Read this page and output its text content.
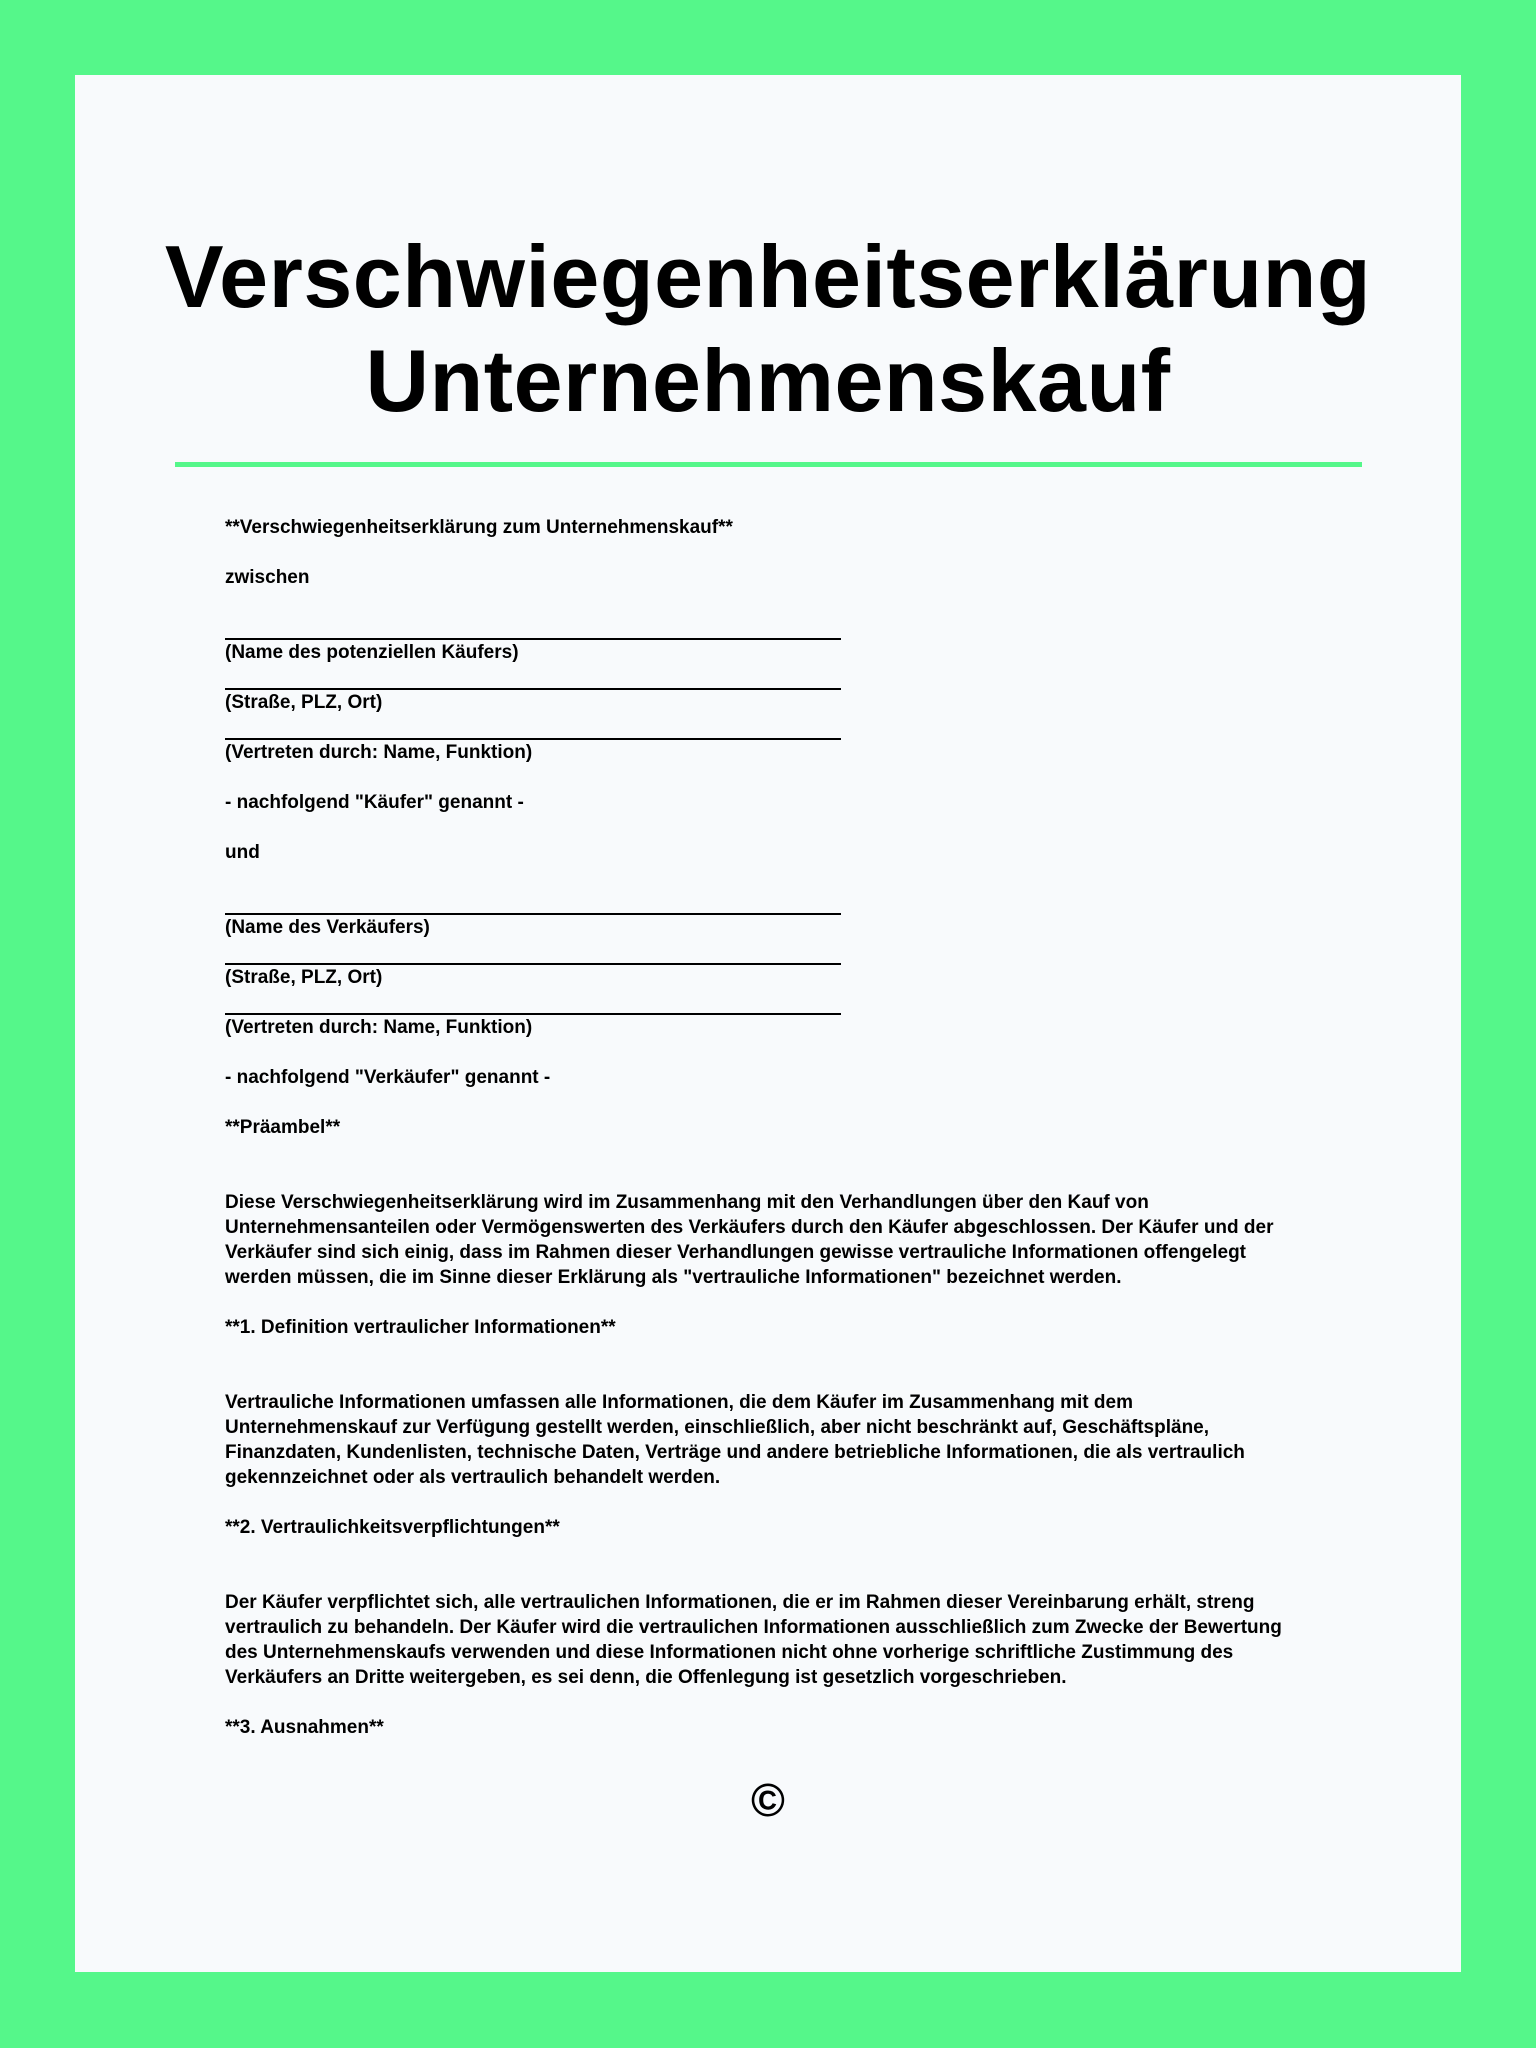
Verschwiegenheitserklärung
Unternehmenskauf

**Verschwiegenheitserklärung zum Unternehmenskauf**

zwischen

(Name des potenziellen Käufers)

(Straße, PLZ, Ort)

(Vertreten durch: Name, Funktion)

- nachfolgend "Käufer" genannt -

und

(Name des Verkäufers)

(Straße, PLZ, Ort)

(Vertreten durch: Name, Funktion)

- nachfolgend "Verkäufer" genannt -

**Präambel**

Diese Verschwiegenheitserklärung wird im Zusammenhang mit den Verhandlungen über den Kauf von
Unternehmensanteilen oder Vermögenswerten des Verkäufers durch den Käufer abgeschlossen. Der Käufer und der
Verkäufer sind sich einig, dass im Rahmen dieser Verhandlungen gewisse vertrauliche Informationen offengelegt
werden müssen, die im Sinne dieser Erklärung als "vertrauliche Informationen" bezeichnet werden.

**1. Definition vertraulicher Informationen**

Vertrauliche Informationen umfassen alle Informationen, die dem Käufer im Zusammenhang mit dem
Unternehmenskauf zur Verfügung gestellt werden, einschließlich, aber nicht beschränkt auf, Geschäftspläne,
Finanzdaten, Kundenlisten, technische Daten, Verträge und andere betriebliche Informationen, die als vertraulich
gekennzeichnet oder als vertraulich behandelt werden.

**2. Vertraulichkeitsverpflichtungen**

Der Käufer verpflichtet sich, alle vertraulichen Informationen, die er im Rahmen dieser Vereinbarung erhält, streng
vertraulich zu behandeln. Der Käufer wird die vertraulichen Informationen ausschließlich zum Zwecke der Bewertung
des Unternehmenskaufs verwenden und diese Informationen nicht ohne vorherige schriftliche Zustimmung des
Verkäufers an Dritte weitergeben, es sei denn, die Offenlegung ist gesetzlich vorgeschrieben.

**3. Ausnahmen**

©
